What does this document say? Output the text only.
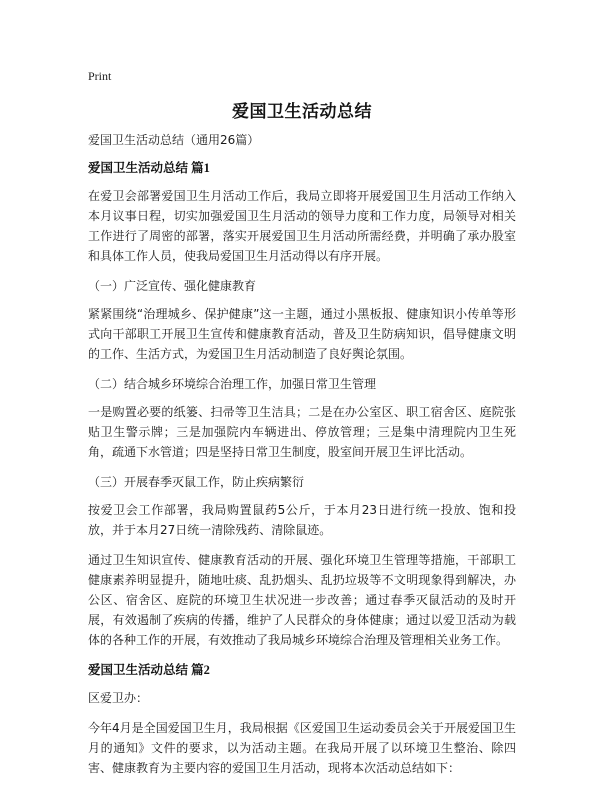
Print
爱国卫生活动总结

爱国卫生活动总结（通用26篇）

爱国卫生活动总结 篇1

在爱卫会部署爱国卫生月活动工作后，我局立即将开展爱国卫生月活动工作纳入本月议事日程，切实加强爱国卫生月活动的领导力度和工作力度，局领导对相关工作进行了周密的部署，落实开展爱国卫生月活动所需经费，并明确了承办股室和具体工作人员，使我局爱国卫生月活动得以有序开展。

（一）广泛宣传、强化健康教育

紧紧围绕“治理城乡、保护健康”这一主题，通过小黑板报、健康知识小传单等形式向干部职工开展卫生宣传和健康教育活动，普及卫生防病知识，倡导健康文明的工作、生活方式，为爱国卫生月活动制造了良好舆论氛围。

（二）结合城乡环境综合治理工作，加强日常卫生管理

一是购置必要的纸篓、扫帚等卫生洁具；二是在办公室区、职工宿舍区、庭院张贴卫生警示牌；三是加强院内车辆进出、停放管理；三是集中清理院内卫生死角，疏通下水管道；四是坚持日常卫生制度，股室间开展卫生评比活动。

（三）开展春季灭鼠工作，防止疾病繁衍

按爱卫会工作部署，我局购置鼠药5公斤，于本月23日进行统一投放、饱和投放，并于本月27日统一清除残药、清除鼠迹。

通过卫生知识宣传、健康教育活动的开展、强化环境卫生管理等措施，干部职工健康素养明显提升，随地吐痰、乱扔烟头、乱扔垃圾等不文明现象得到解决，办公区、宿舍区、庭院的环境卫生状况进一步改善；通过春季灭鼠活动的及时开展，有效遏制了疾病的传播，维护了人民群众的身体健康；通过以爱卫活动为载体的各种工作的开展，有效推动了我局城乡环境综合治理及管理相关业务工作。

爱国卫生活动总结 篇2

区爱卫办：

今年4月是全国爱国卫生月，我局根据《区爱国卫生运动委员会关于开展爱国卫生月的通知》文件的要求，以为活动主题。在我局开展了以环境卫生整治、除四害、健康教育为主要内容的爱国卫生月活动，现将本次活动总结如下：
